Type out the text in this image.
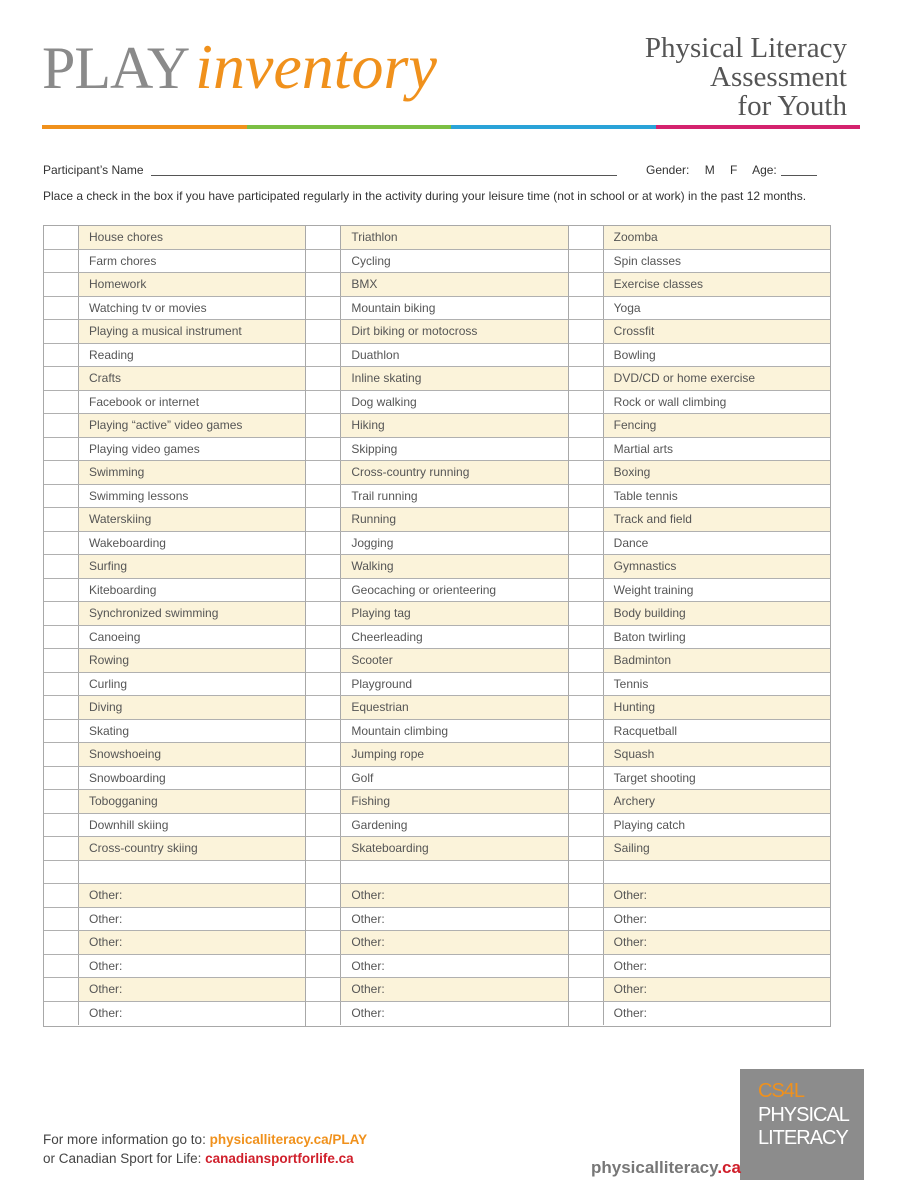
PLAYinventory	Physical Literacy
Assessment
for Youth
Participant’s Name	Gender: M F Age:
Place a check in the box if you have participated regularly in the activity during your leisure time (not in school or at work) in the past 12 months.
House chores
Farm chores
Homework
Watching tv or movies
Playing a musical instrument
Reading
Crafts
Facebook or internet
Playing “active” video games
Playing video games
Swimming
Swimming lessons
Waterskiing
Wakeboarding
Surfing
Kiteboarding
Synchronized swimming
Canoeing
Rowing
Curling
Diving
Skating
Snowshoeing
Snowboarding
Tobogganing
Downhill skiing
Cross-country skiing
Other:
Other:
Other:
Other:
Other:
Other:
Triathlon
Cycling
BMX
Mountain biking
Dirt biking or motocross
Duathlon
Inline skating
Dog walking
Hiking
Skipping
Cross-country running
Trail running
Running
Jogging
Walking
Geocaching or orienteering
Playing tag
Cheerleading
Scooter
Playground
Equestrian
Mountain climbing
Jumping rope
Golf
Fishing
Gardening
Skateboarding
Other:
Other:
Other:
Other:
Other:
Other:
Zoomba
Spin classes
Exercise classes
Yoga
Crossfit
Bowling
DVD/CD or home exercise
Rock or wall climbing
Fencing
Martial arts
Boxing
Table tennis
Track and field
Dance
Gymnastics
Weight training
Body building
Baton twirling
Badminton
Tennis
Hunting
Racquetball
Squash
Target shooting
Archery
Playing catch
Sailing
Other:
Other:
Other:
Other:
Other:
Other:
For more information go to: physicalliteracy.ca/PLAY
or Canadian Sport for Life: canadiansportforlife.ca
CS4L
PHYSICAL
LITERACY
physicalliteracy.ca
